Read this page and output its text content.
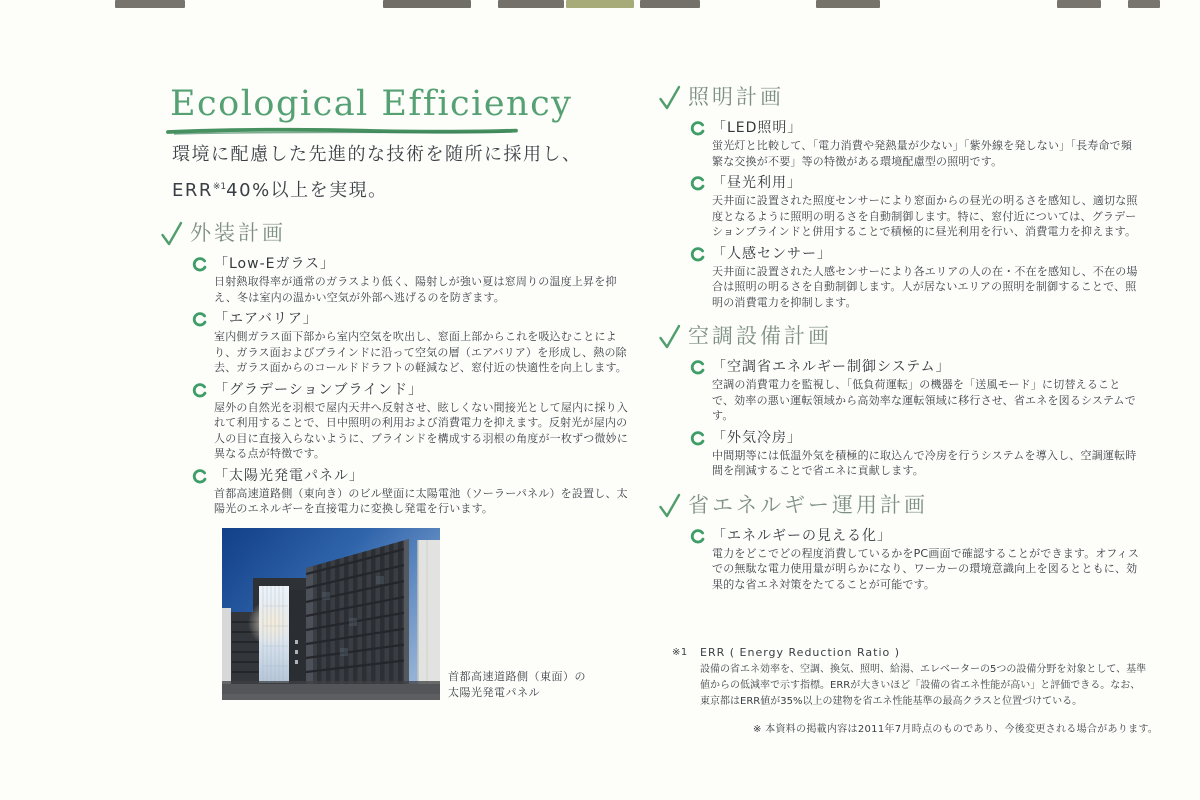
Ecological Efficiency
環境に配慮した先進的な技術を随所に採用し、
ERR$^{※1}$40%以上を実現。
外装計画
「Low-Eガラス」
日射熱取得率が通常のガラスより低く、陽射しが強い夏は窓周りの温度上昇を抑え、冬は室内の温かい空気が外部へ逃げるのを防ぎます。
「エアバリア」
室内側ガラス面下部から室内空気を吹出し、窓面上部からこれを吸込むことにより、ガラス面およびブラインドに沿って空気の層（エアバリア）を形成し、熱の除去、ガラス面からのコールドドラフトの軽減など、窓付近の快適性を向上します。
「グラデーションブラインド」
屋外の自然光を羽根で屋内天井へ反射させ、眩しくない間接光として屋内に採り入れて利用することで、日中照明の利用および消費電力を抑えます。反射光が屋内の人の目に直接入らないように、ブラインドを構成する羽根の角度が一枚ずつ微妙に異なる点が特徴です。
「太陽光発電パネル」
首都高速道路側（東向き）のビル壁面に太陽電池（ソーラーパネル）を設置し、太陽光のエネルギーを直接電力に変換し発電を行います。
首都高速道路側（東面）の
太陽光発電パネル
照明計画
「LED照明」
蛍光灯と比較して、「電力消費や発熱量が少ない」「紫外線を発しない」「長寿命で頻繁な交換が不要」等の特徴がある環境配慮型の照明です。
「昼光利用」
天井面に設置された照度センサーにより窓面からの昼光の明るさを感知し、適切な照度となるように照明の明るさを自動制御します。特に、窓付近については、グラデーションブラインドと併用することで積極的に昼光利用を行い、消費電力を抑えます。
「人感センサー」
天井面に設置された人感センサーにより各エリアの人の在・不在を感知し、不在の場合は照明の明るさを自動制御します。人が居ないエリアの照明を制御することで、照明の消費電力を抑制します。
空調設備計画
「空調省エネルギー制御システム」
空調の消費電力を監視し、「低負荷運転」の機器を「送風モード」に切替えることで、効率の悪い運転領域から高効率な運転領域に移行させ、省エネを図るシステムです。
「外気冷房」
中間期等には低温外気を積極的に取込んで冷房を行うシステムを導入し、空調運転時間を削減することで省エネに貢献します。
省エネルギー運用計画
「エネルギーの見える化」
電力をどこでどの程度消費しているかをPC画面で確認することができます。オフィスでの無駄な電力使用量が明らかになり、ワーカーの環境意識向上を図るとともに、効果的な省エネ対策をたてることが可能です。
※1	ERR ( Energy Reduction Ratio )
設備の省エネ効率を、空調、換気、照明、給湯、エレベーターの5つの設備分野を対象として、基準値からの低減率で示す指標。ERRが大きいほど「設備の省エネ性能が高い」と評価できる。なお、東京都はERR値が35%以上の建物を省エネ性能基準の最高クラスと位置づけている。
※ 本資料の掲載内容は2011年7月時点のものであり、今後変更される場合があります。
